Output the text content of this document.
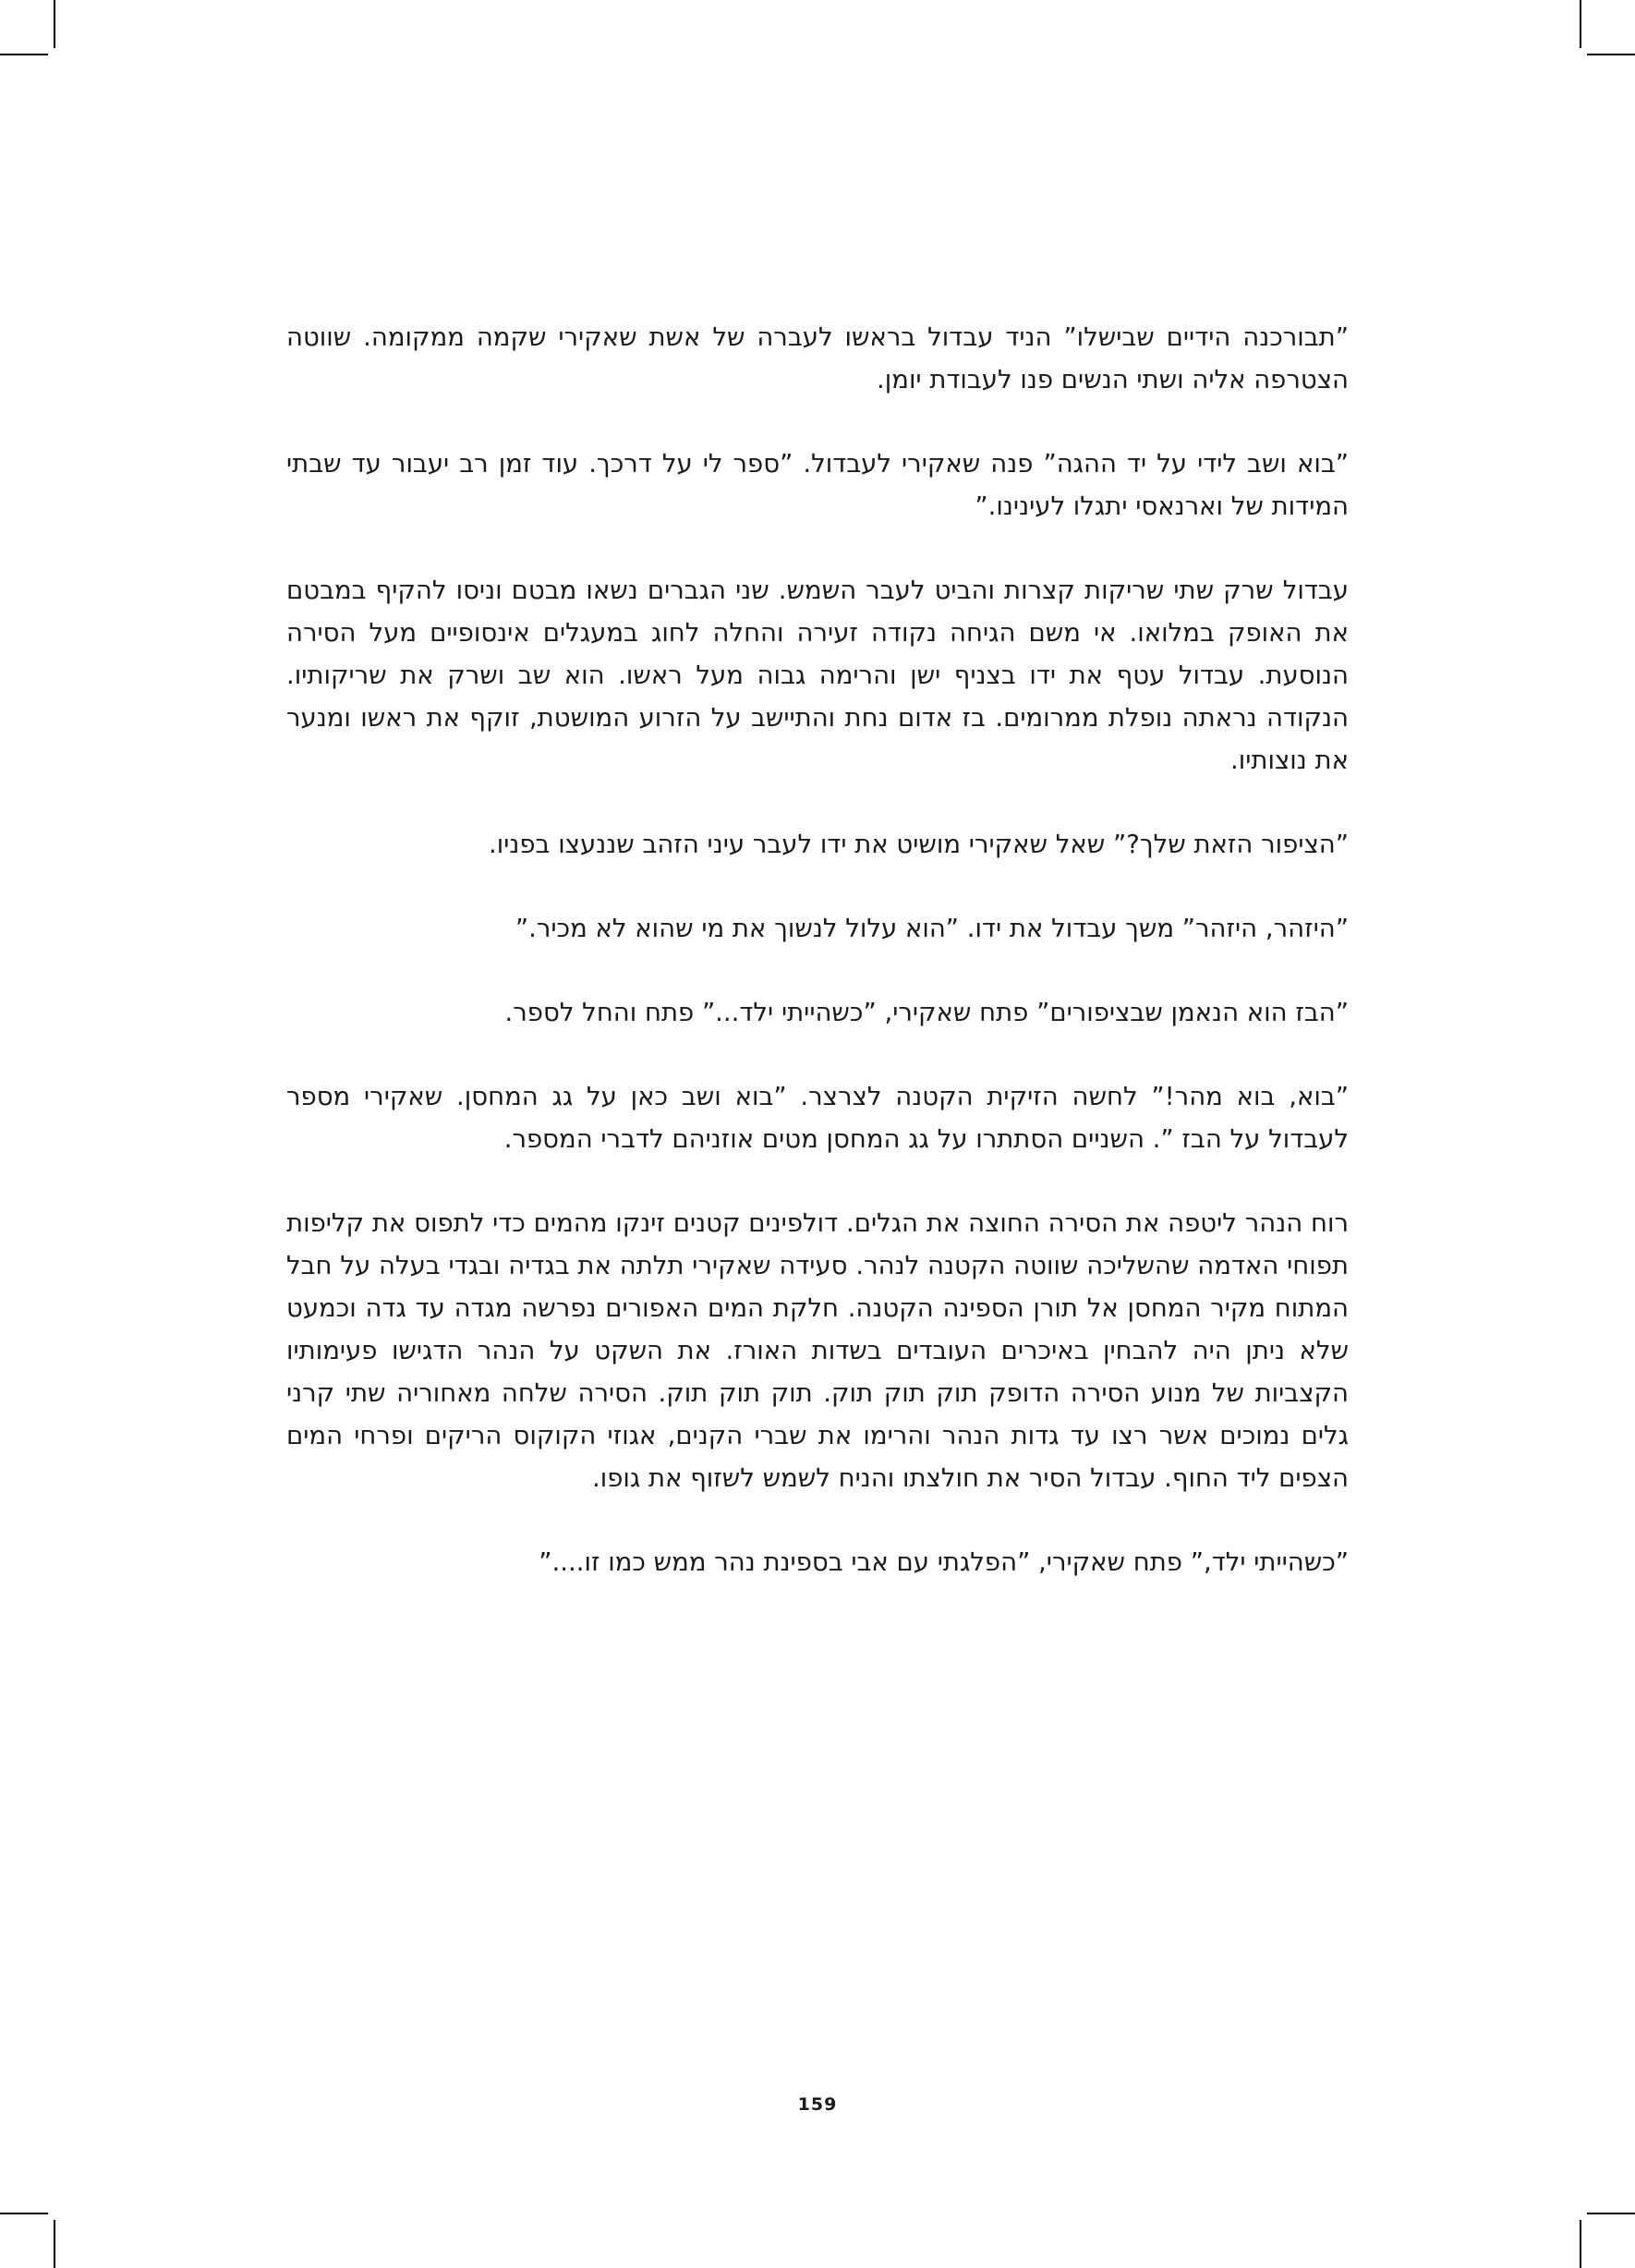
”תבורכנה הידיים שבישלו” הניד עבדול בראשו לעברה של אשת שאקירי שקמה ממקומה. שווטה הצטרפה אליה ושתי הנשים פנו לעבודת יומן.

”בוא ושב לידי על יד ההגה” פנה שאקירי לעבדול. ”ספר לי על דרכך. עוד זמן רב יעבור עד שבתי המידות של וארנאסי יתגלו לעינינו.”

עבדול שרק שתי שריקות קצרות והביט לעבר השמש. שני הגברים נשאו מבטם וניסו להקיף במבטם את האופק במלואו. אי משם הגיחה נקודה זעירה והחלה לחוג במעגלים אינסופיים מעל הסירה הנוסעת. עבדול עטף את ידו בצניף ישן והרימה גבוה מעל ראשו. הוא שב ושרק את שריקותיו. הנקודה נראתה נופלת ממרומים. בז אדום נחת והתיישב על הזרוע המושטת, זוקף את ראשו ומנער את נוצותיו.

”הציפור הזאת שלך?” שאל שאקירי מושיט את ידו לעבר עיני הזהב שננעצו בפניו.

”היזהר, היזהר” משך עבדול את ידו. ”הוא עלול לנשוך את מי שהוא לא מכיר.”

”הבז הוא הנאמן שבציפורים” פתח שאקירי, ”כשהייתי ילד...” פתח והחל לספר.

”בוא, בוא מהר!” לחשה הזיקית הקטנה לצרצר. ”בוא ושב כאן על גג המחסן. שאקירי מספר לעבדול על הבז ”. השניים הסתתרו על גג המחסן מטים אוזניהם לדברי המספר.

רוח הנהר ליטפה את הסירה החוצה את הגלים. דולפינים קטנים זינקו מהמים כדי לתפוס את קליפות תפוחי האדמה שהשליכה שווטה הקטנה לנהר. סעידה שאקירי תלתה את בגדיה ובגדי בעלה על חבל המתוח מקיר המחסן אל תורן הספינה הקטנה. חלקת המים האפורים נפרשה מגדה עד גדה וכמעט שלא ניתן היה להבחין באיכרים העובדים בשדות האורז. את השקט על הנהר הדגישו פעימותיו הקצביות של מנוע הסירה הדופק תוק תוק תוק. תוק תוק תוק. הסירה שלחה מאחוריה שתי קרני גלים נמוכים אשר רצו עד גדות הנהר והרימו את שברי הקנים, אגוזי הקוקוס הריקים ופרחי המים הצפים ליד החוף. עבדול הסיר את חולצתו והניח לשמש לשזוף את גופו.

”כשהייתי ילד,” פתח שאקירי, ”הפלגתי עם אבי בספינת נהר ממש כמו זו....”

159
